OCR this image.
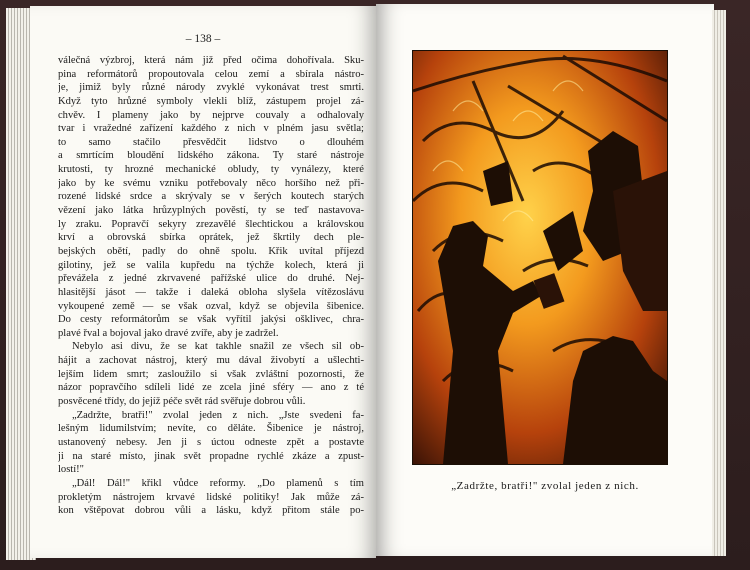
– 138 –
válečná výzbroj, která nám již před očima dohořívala. Sku-
pina reformátorů propoutovala celou zemí a sbírala nástro-
je, jimiž byly různé národy zvyklé vykonávat trest smrti.
Když tyto hrůzné symboly vlekli blíž, zástupem projel zá-
chvěv. I plameny jako by nejprve couvaly a odhalovaly
tvar i vražedné zařízení každého z nich v plném jasu světla;
to samo stačilo přesvědčit lidstvo o dlouhém
a smrtícím bloudění lidského zákona. Ty staré nástroje
krutosti, ty hrozné mechanické obludy, ty vynálezy, které
jako by ke svému vzniku potřebovaly něco horšího než při-
rozené lidské srdce a skrývaly se v šerých koutech starých
vězení jako látka hrůzyplných pověstí, ty se teď nastavova-
ly zraku. Popravčí sekyry zrezavělé šlechtickou a královskou
krví a obrovská sbírka oprátek, jež škrtily dech ple-
bejských obětí, padly do ohně spolu. Křik uvítal příjezd
gilotiny, jež se valila kupředu na týchže kolech, která ji
převážela z jedné zkrvavené pařížské ulice do druhé. Nej-
hlasitější jásot — takže i daleká obloha slyšela vítězoslávu
vykoupené země — se však ozval, když se objevila šibenice.
Do cesty reformátorům se však vyřítil jakýsi ošklivec, chra-
plavé řval a bojoval jako dravé zvíře, aby je zadržel.
Nebylo asi divu, že se kat takhle snažil ze všech sil ob-
hájit a zachovat nástroj, který mu dával živobytí a ušlechti-
lejším lidem smrt; zasloužilo si však zvláštní pozornosti, že
názor popravčího sdíleli lidé ze zcela jiné sféry — ano z té
posvěcené třídy, do jejíž péče svět rád svěřuje dobrou vůli.
„Zadržte, bratři!" zvolal jeden z nich. „Jste svedeni fa-
lešným lidumilstvím; nevíte, co děláte. Šibenice je nástroj,
ustanovený nebesy. Jen ji s úctou odneste zpět a postavte
ji na staré místo, jinak svět propadne rychlé zkáze a zpust-
lostí!"
„Dál! Dál!" křikl vůdce reformy. „Do plamenů s tím
prokletým nástrojem krvavé lidské politiky! Jak může zá-
kon vštěpovat dobrou vůli a lásku, když přitom stále po-
„Zadržte, bratři!" zvolal jeden z nich.
